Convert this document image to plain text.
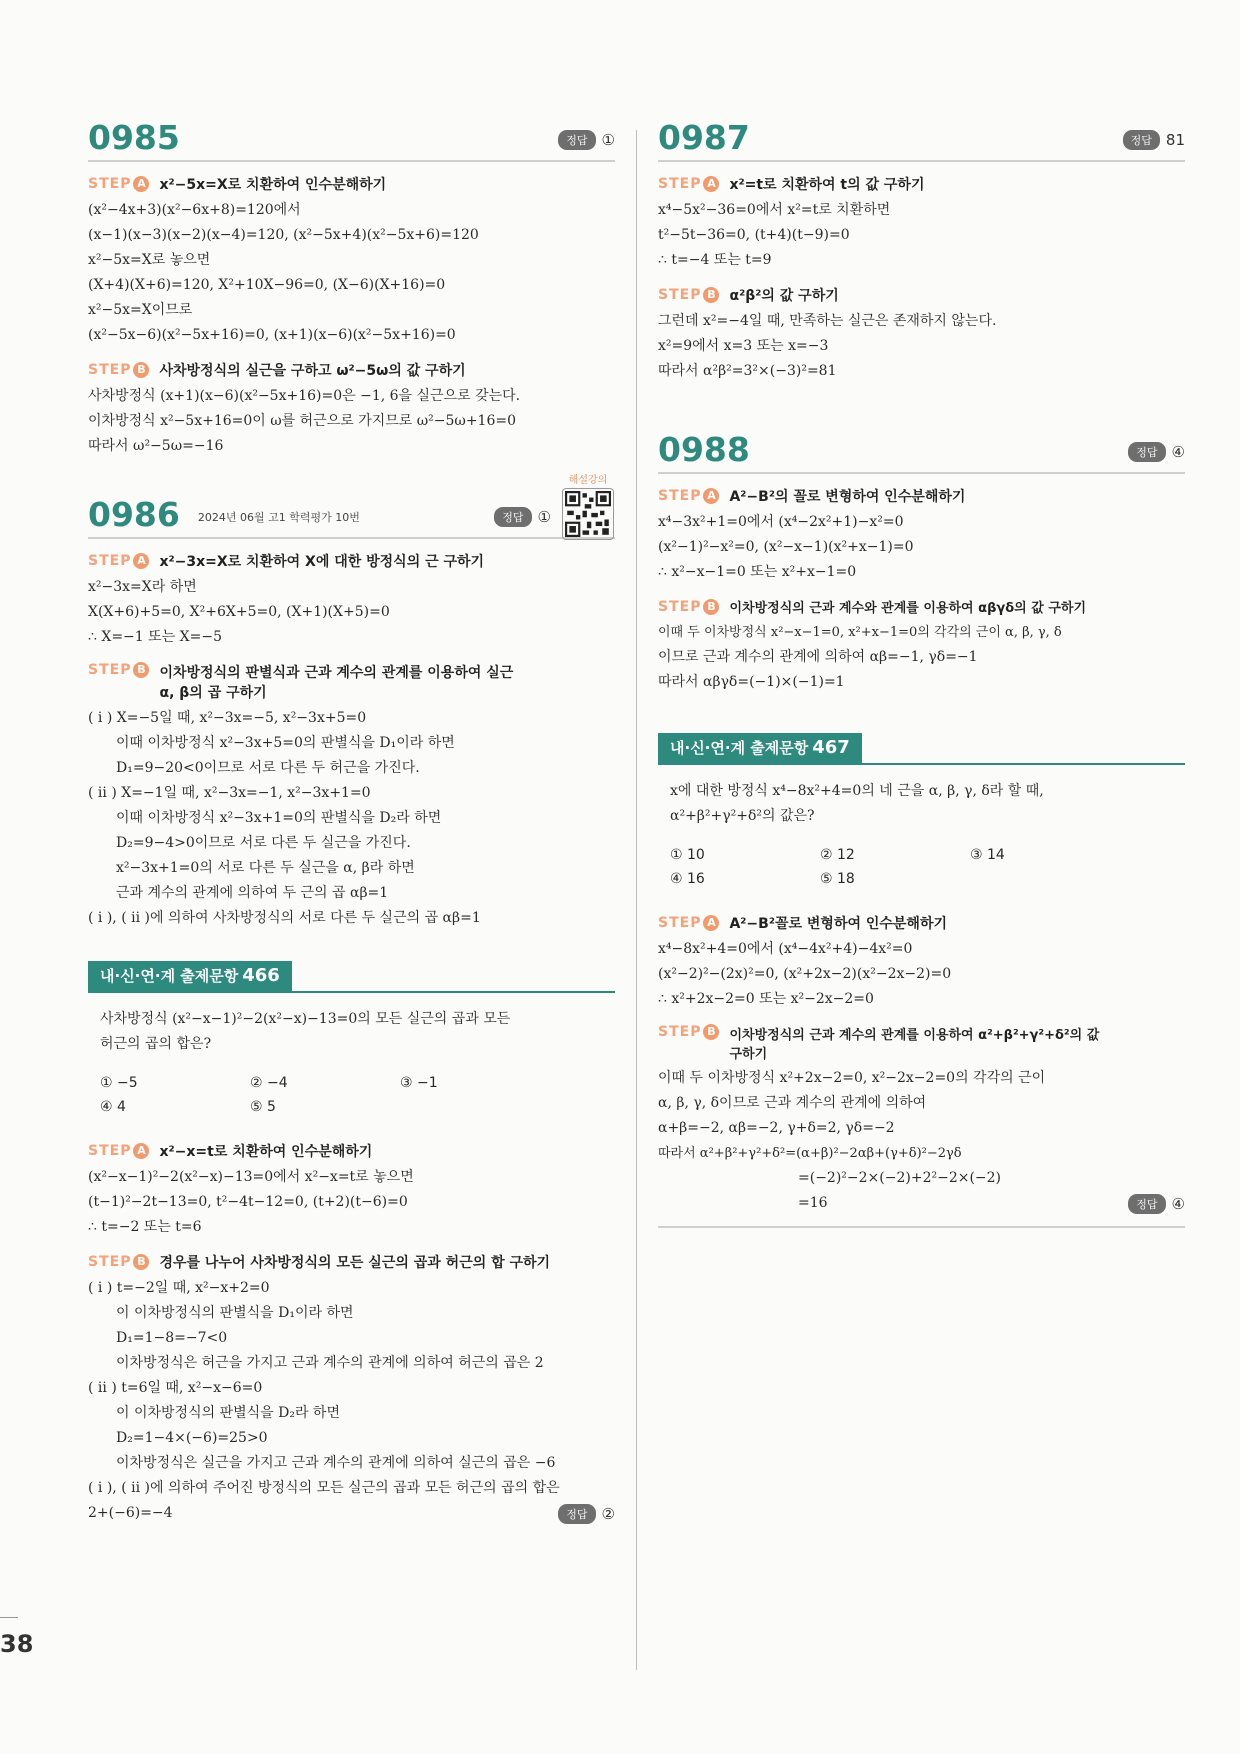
0985	정답 ①
STEP A x²−5x=X로 치환하여 인수분해하기
(x²−4x+3)(x²−6x+8)=120에서
(x−1)(x−3)(x−2)(x−4)=120, (x²−5x+4)(x²−5x+6)=120
x²−5x=X로 놓으면
(X+4)(X+6)=120, X²+10X−96=0, (X−6)(X+16)=0
x²−5x=X이므로
(x²−5x−6)(x²−5x+16)=0, (x+1)(x−6)(x²−5x+16)=0
STEP B 사차방정식의 실근을 구하고 ω²−5ω의 값 구하기
사차방정식 (x+1)(x−6)(x²−5x+16)=0은 −1, 6을 실근으로 갖는다.
이차방정식 x²−5x+16=0이 ω를 허근으로 가지므로 ω²−5ω+16=0
따라서 ω²−5ω=−16
0986 2024년 06월 고1 학력평가 10번	정답 ①
해설강의
STEP A x²−3x=X로 치환하여 X에 대한 방정식의 근 구하기
x²−3x=X라 하면
X(X+6)+5=0, X²+6X+5=0, (X+1)(X+5)=0
∴ X=−1 또는 X=−5
STEP B 이차방정식의 판별식과 근과 계수의 관계를 이용하여 실근
α, β의 곱 구하기
( i ) X=−5일 때, x²−3x=−5, x²−3x+5=0
이때 이차방정식 x²−3x+5=0의 판별식을 D₁이라 하면
D₁=9−20<0이므로 서로 다른 두 허근을 가진다.
( ii ) X=−1일 때, x²−3x=−1, x²−3x+1=0
이때 이차방정식 x²−3x+1=0의 판별식을 D₂라 하면
D₂=9−4>0이므로 서로 다른 두 실근을 가진다.
x²−3x+1=0의 서로 다른 두 실근을 α, β라 하면
근과 계수의 관계에 의하여 두 근의 곱 αβ=1
( i ), ( ii )에 의하여 사차방정식의 서로 다른 두 실근의 곱 αβ=1
내·신·연·계 출제문항 466
사차방정식 (x²−x−1)²−2(x²−x)−13=0의 모든 실근의 곱과 모든
허근의 곱의 합은?
① −5	② −4	③ −1
④ 4	⑤ 5
STEP A x²−x=t로 치환하여 인수분해하기
(x²−x−1)²−2(x²−x)−13=0에서 x²−x=t로 놓으면
(t−1)²−2t−13=0, t²−4t−12=0, (t+2)(t−6)=0
∴ t=−2 또는 t=6
STEP B 경우를 나누어 사차방정식의 모든 실근의 곱과 허근의 합 구하기
( i ) t=−2일 때, x²−x+2=0
이 이차방정식의 판별식을 D₁이라 하면
D₁=1−8=−7<0
이차방정식은 허근을 가지고 근과 계수의 관계에 의하여 허근의 곱은 2
( ii ) t=6일 때, x²−x−6=0
이 이차방정식의 판별식을 D₂라 하면
D₂=1−4×(−6)=25>0
이차방정식은 실근을 가지고 근과 계수의 관계에 의하여 실근의 곱은 −6
( i ), ( ii )에 의하여 주어진 방정식의 모든 실근의 곱과 모든 허근의 곱의 합은
2+(−6)=−4	정답 ②
0987	정답 81
STEP A x²=t로 치환하여 t의 값 구하기
x⁴−5x²−36=0에서 x²=t로 치환하면
t²−5t−36=0, (t+4)(t−9)=0
∴ t=−4 또는 t=9
STEP B α²β²의 값 구하기
그런데 x²=−4일 때, 만족하는 실근은 존재하지 않는다.
x²=9에서 x=3 또는 x=−3
따라서 α²β²=3²×(−3)²=81
0988	정답 ④
STEP A A²−B²의 꼴로 변형하여 인수분해하기
x⁴−3x²+1=0에서 (x⁴−2x²+1)−x²=0
(x²−1)²−x²=0, (x²−x−1)(x²+x−1)=0
∴ x²−x−1=0 또는 x²+x−1=0
STEP B 이차방정식의 근과 계수와 관계를 이용하여 αβγδ의 값 구하기
이때 두 이차방정식 x²−x−1=0, x²+x−1=0의 각각의 근이 α, β, γ, δ
이므로 근과 계수의 관계에 의하여 αβ=−1, γδ=−1
따라서 αβγδ=(−1)×(−1)=1
내·신·연·계 출제문항 467
x에 대한 방정식 x⁴−8x²+4=0의 네 근을 α, β, γ, δ라 할 때,
α²+β²+γ²+δ²의 값은?
① 10	② 12	③ 14
④ 16	⑤ 18
STEP A A²−B²꼴로 변형하여 인수분해하기
x⁴−8x²+4=0에서 (x⁴−4x²+4)−4x²=0
(x²−2)²−(2x)²=0, (x²+2x−2)(x²−2x−2)=0
∴ x²+2x−2=0 또는 x²−2x−2=0
STEP B 이차방정식의 근과 계수의 관계를 이용하여 α²+β²+γ²+δ²의 값
구하기
이때 두 이차방정식 x²+2x−2=0, x²−2x−2=0의 각각의 근이
α, β, γ, δ이므로 근과 계수의 관계에 의하여
α+β=−2, αβ=−2, γ+δ=2, γδ=−2
따라서 α²+β²+γ²+δ²=(α+β)²−2αβ+(γ+δ)²−2γδ
=(−2)²−2×(−2)+2²−2×(−2)
=16	정답 ④
38
